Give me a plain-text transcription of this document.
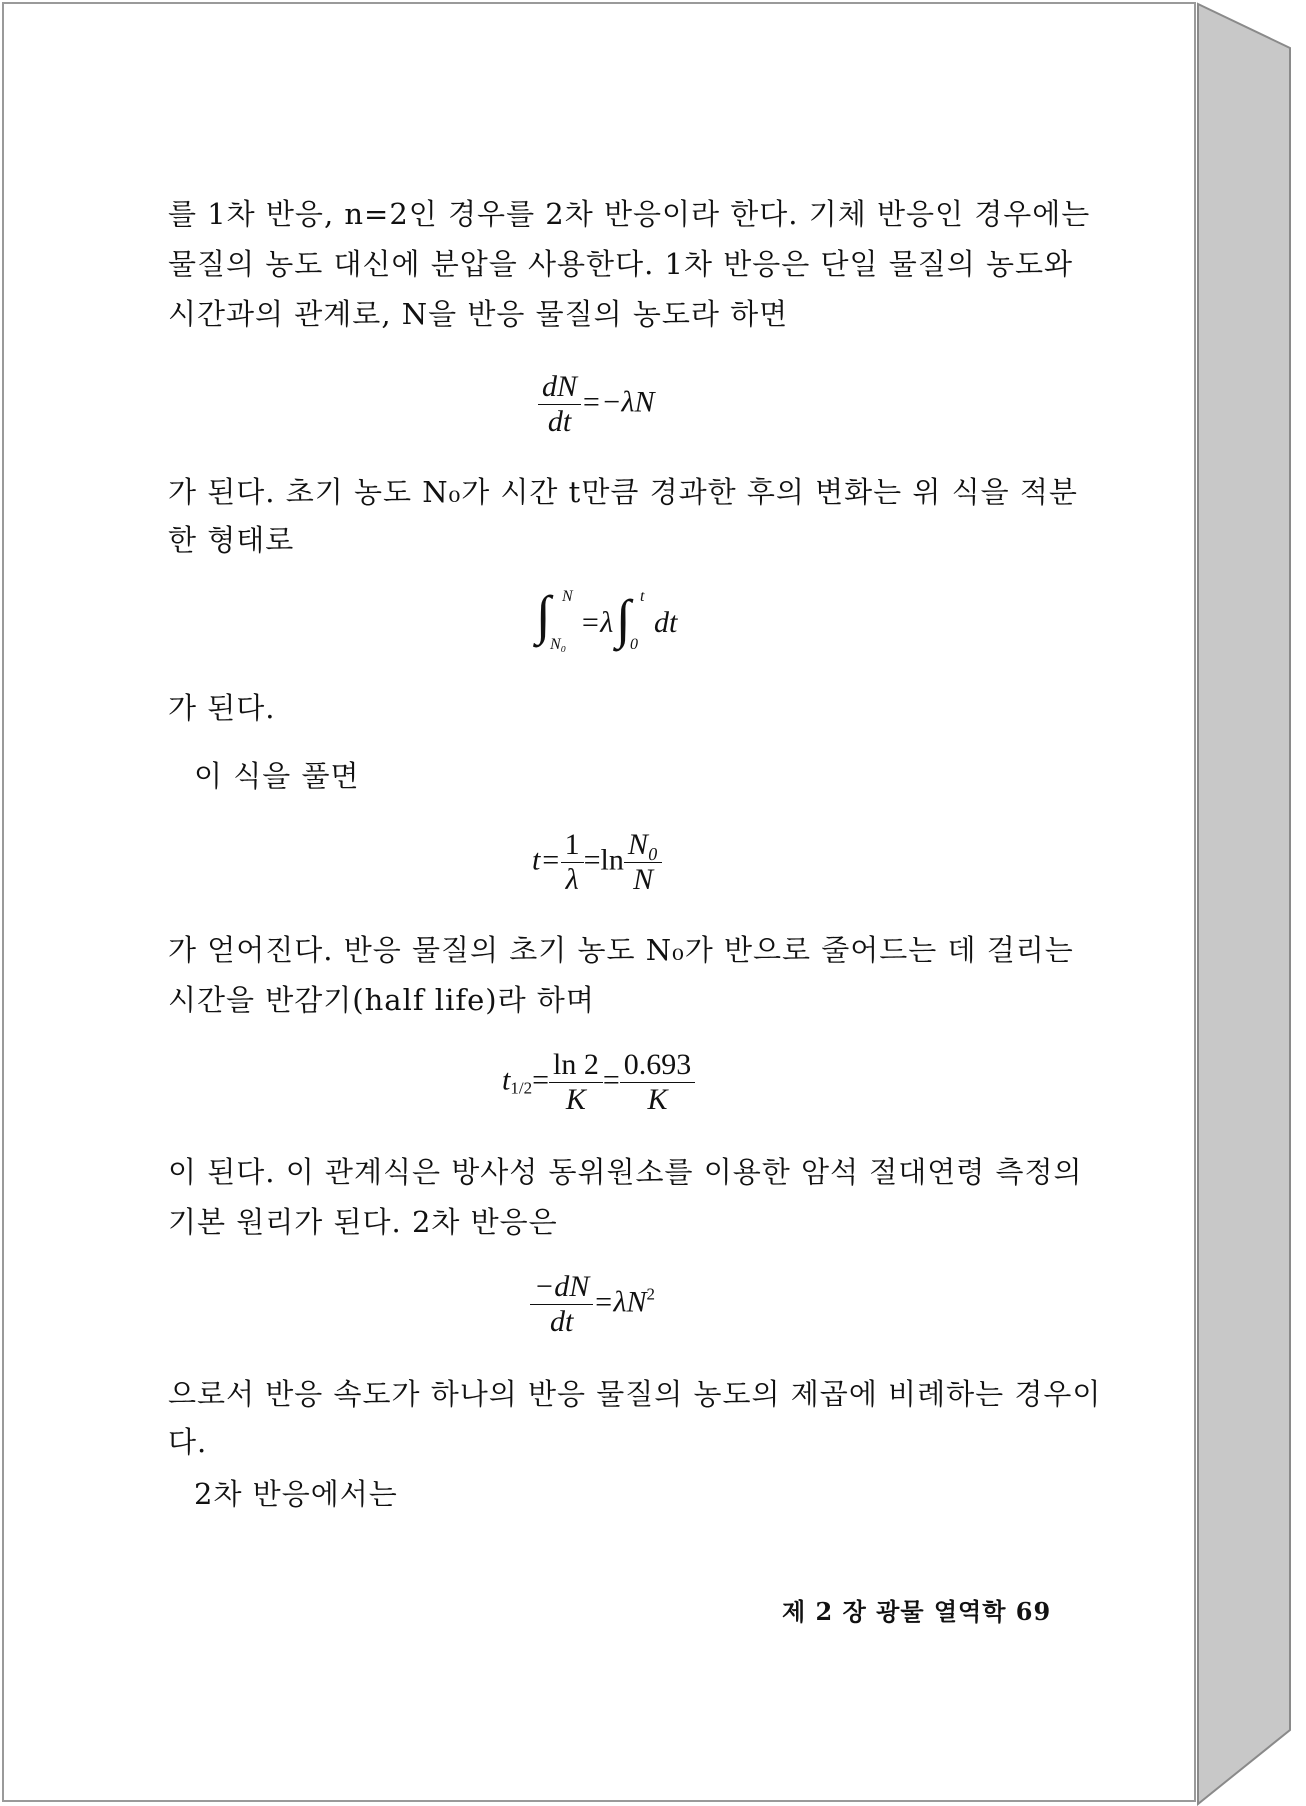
를 1차 반응, n=2인 경우를 2차 반응이라 한다. 기체 반응인 경우에는
물질의 농도 대신에 분압을 사용한다. 1차 반응은 단일 물질의 농도와
시간과의 관계로, N을 반응 물질의 농도라 하면
$\frac{dN}{dt} =-\lambda N$
가 된다. 초기 농도 N₀가 시간 t만큼 경과한 후의 변화는 위 식을 적분
한 형태로
∫ N
N₀
=λ ∫ t
0
dt
가 된다.
이 식을 풀면
$t= \frac{1}{\lambda} =\ln \frac{\text{N₀}}{N}$
가 얻어진다. 반응 물질의 초기 농도 N₀가 반으로 줄어드는 데 걸리는
시간을 반감기(half life)라 하며
$t_{1/2}= \frac{\ln 2}{K} = \frac{0.693}{K}$
이 된다. 이 관계식은 방사성 동위원소를 이용한 암석 절대연령 측정의
기본 원리가 된다. 2차 반응은
$\frac{-dN}{dt} =\lambda N^2$
으로서 반응 속도가 하나의 반응 물질의 농도의 제곱에 비례하는 경우이
다.
2차 반응에서는
제 2 장 광물 열역학 69
